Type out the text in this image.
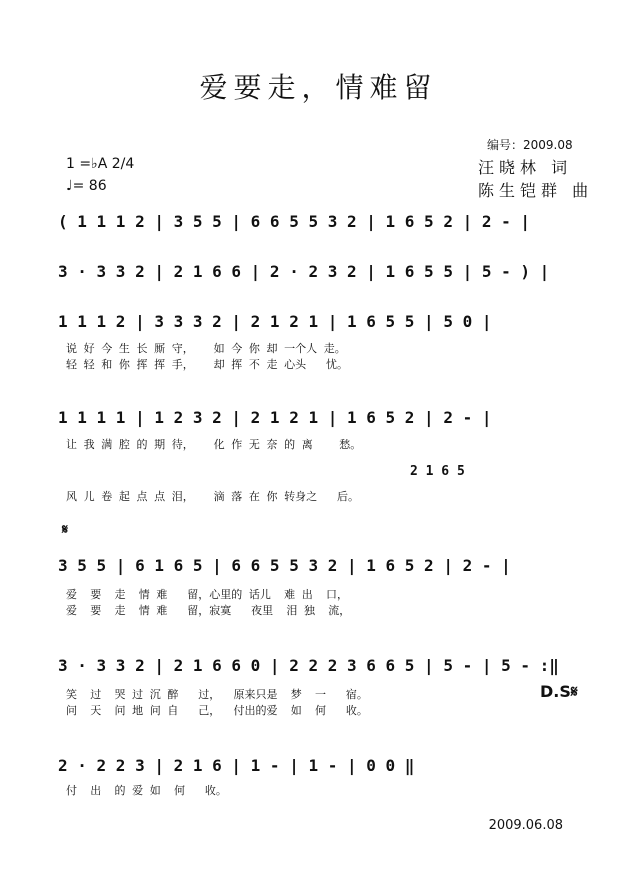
爱要走，情难留
编号：2009.08
1 =♭A 2/4
♩= 86
汪晓林 词
陈生铠群 曲
( 1 1 1 2 | 3 5 5 | 6 6 5 5 3 2 | 1 6 5 2 | 2 - |
3 · 3 3 2 | 2 1 6 6 | 2 · 2 3 2 | 1 6 5 5 | 5 - ) |
1 1 1 2 | 3 3 3 2 | 2 1 2 1 | 1 6 5 5 | 5 0 |
说 好 今 生 长 厮 守，   如 今 你 却 一个人 走。
轻 轻 和 你 挥 挥 手，   却 挥 不 走 心头   忧。
1 1 1 1 | 1 2 3 2 | 2 1 2 1 | 1 6 5 2 | 2 - |
让 我 满 腔 的 期 待，   化 作 无 奈 的 离    愁。
2 1 6 5
风 儿 卷 起 点 点 泪，   滴 落 在 你 转身之   后。
𝄋
3 5 5 | 6 1 6 5 | 6 6 5 5 3 2 | 1 6 5 2 | 2 - |
爱  要  走  情 难   留，心里的 话儿  难 出  口，
爱  要  走  情 难   留，寂寞   夜里  泪 独  流，
3 · 3 3 2 | 2 1 6 6 0 | 2 2 2 3 6 6 5 | 5 - | 5 - :‖
笑  过  哭 过 沉 醉   过，  原来只是  梦  一   宿。
问  天  问 地 问 自   己，  付出的爱  如  何   收。
D.S𝄋
2 · 2 2 3 | 2 1 6 | 1 - | 1 - | 0 0 ‖
付  出  的 爱 如  何   收。
2009.06.08
